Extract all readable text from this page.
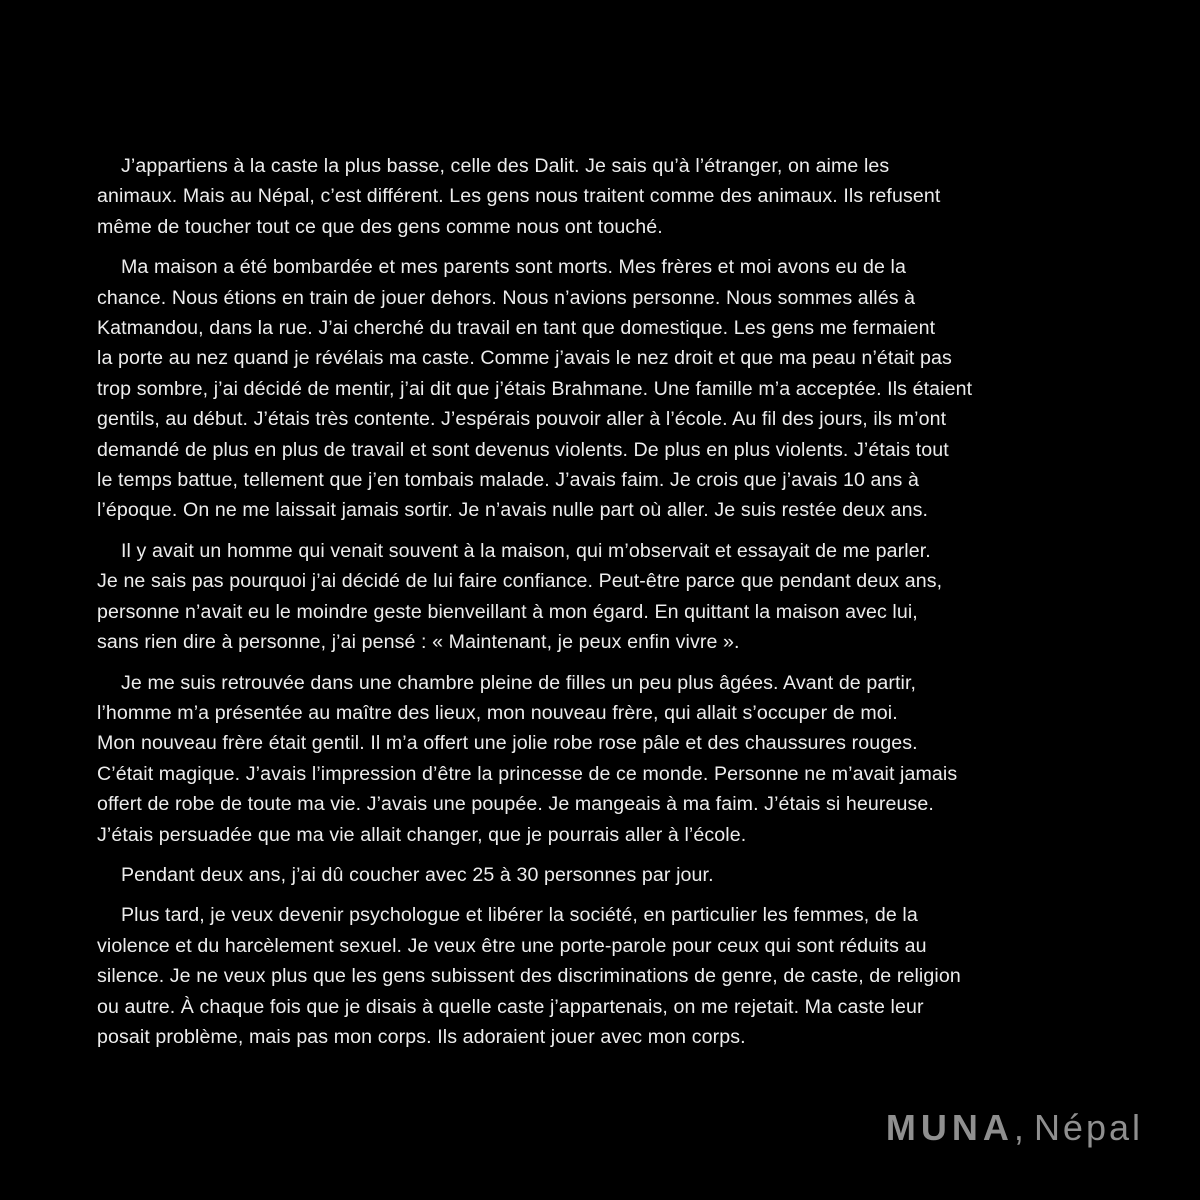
J’appartiens à la caste la plus basse, celle des Dalit. Je sais qu’à l’étranger, on aime les
animaux. Mais au Népal, c’est différent. Les gens nous traitent comme des animaux. Ils refusent
même de toucher tout ce que des gens comme nous ont touché.

Ma maison a été bombardée et mes parents sont morts. Mes frères et moi avons eu de la
chance. Nous étions en train de jouer dehors. Nous n’avions personne. Nous sommes allés à
Katmandou, dans la rue. J’ai cherché du travail en tant que domestique. Les gens me fermaient
la porte au nez quand je révélais ma caste. Comme j’avais le nez droit et que ma peau n’était pas
trop sombre, j’ai décidé de mentir, j’ai dit que j’étais Brahmane. Une famille m’a acceptée. Ils étaient
gentils, au début. J’étais très contente. J’espérais pouvoir aller à l’école. Au fil des jours, ils m’ont
demandé de plus en plus de travail et sont devenus violents. De plus en plus violents. J’étais tout
le temps battue, tellement que j’en tombais malade. J’avais faim. Je crois que j’avais 10 ans à
l’époque. On ne me laissait jamais sortir. Je n’avais nulle part où aller. Je suis restée deux ans.

Il y avait un homme qui venait souvent à la maison, qui m’observait et essayait de me parler.
Je ne sais pas pourquoi j’ai décidé de lui faire confiance. Peut-être parce que pendant deux ans,
personne n’avait eu le moindre geste bienveillant à mon égard. En quittant la maison avec lui,
sans rien dire à personne, j’ai pensé : « Maintenant, je peux enfin vivre ».

Je me suis retrouvée dans une chambre pleine de filles un peu plus âgées. Avant de partir,
l’homme m’a présentée au maître des lieux, mon nouveau frère, qui allait s’occuper de moi.
Mon nouveau frère était gentil. Il m’a offert une jolie robe rose pâle et des chaussures rouges.
C’était magique. J’avais l’impression d’être la princesse de ce monde. Personne ne m’avait jamais
offert de robe de toute ma vie. J’avais une poupée. Je mangeais à ma faim. J’étais si heureuse.
J’étais persuadée que ma vie allait changer, que je pourrais aller à l’école.

Pendant deux ans, j’ai dû coucher avec 25 à 30 personnes par jour.

Plus tard, je veux devenir psychologue et libérer la société, en particulier les femmes, de la
violence et du harcèlement sexuel. Je veux être une porte-parole pour ceux qui sont réduits au
silence. Je ne veux plus que les gens subissent des discriminations de genre, de caste, de religion
ou autre. À chaque fois que je disais à quelle caste j’appartenais, on me rejetait. Ma caste leur
posait problème, mais pas mon corps. Ils adoraient jouer avec mon corps.

MUNA, Népal
